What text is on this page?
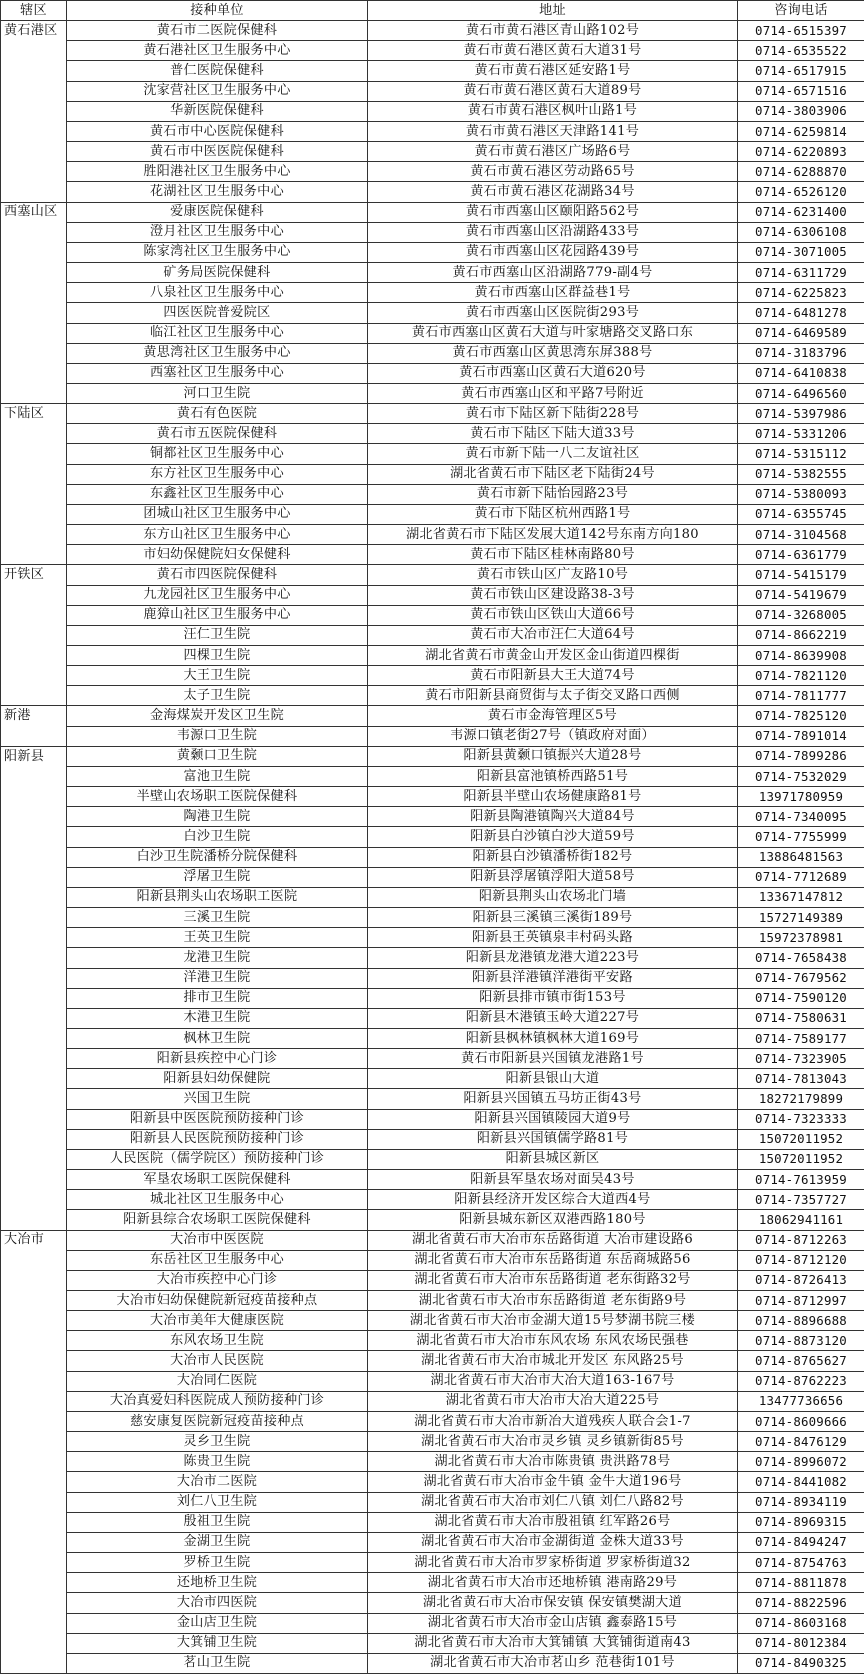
辖区	接种单位	地址	咨询电话
黄石港区	黄石市二医院保健科	黄石市黄石港区青山路102号	0714-6515397
	黄石港社区卫生服务中心	黄石市黄石港区黄石大道31号	0714-6535522
	普仁医院保健科	黄石市黄石港区延安路1号	0714-6517915
	沈家营社区卫生服务中心	黄石市黄石港区黄石大道89号	0714-6571516
	华新医院保健科	黄石市黄石港区枫叶山路1号	0714-3803906
	黄石市中心医院保健科	黄石市黄石港区天津路141号	0714-6259814
	黄石市中医医院保健科	黄石市黄石港区广场路6号	0714-6220893
	胜阳港社区卫生服务中心	黄石市黄石港区劳动路65号	0714-6288870
	花湖社区卫生服务中心	黄石市黄石港区花湖路34号	0714-6526120
西塞山区	爱康医院保健科	黄石市西塞山区颐阳路562号	0714-6231400
	澄月社区卫生服务中心	黄石市西塞山区沿湖路433号	0714-6306108
	陈家湾社区卫生服务中心	黄石市西塞山区花园路439号	0714-3071005
	矿务局医院保健科	黄石市西塞山区沿湖路779-副4号	0714-6311729
	八泉社区卫生服务中心	黄石市西塞山区群益巷1号	0714-6225823
	四医医院普爱院区	黄石市西塞山区医院街293号	0714-6481278
	临江社区卫生服务中心	黄石市西塞山区黄石大道与叶家塘路交叉路口东	0714-6469589
	黄思湾社区卫生服务中心	黄石市西塞山区黄思湾东屏388号	0714-3183796
	西塞社区卫生服务中心	黄石市西塞山区黄石大道620号	0714-6410838
	河口卫生院	黄石市西塞山区和平路7号附近	0714-6496560
下陆区	黄石有色医院	黄石市下陆区新下陆街228号	0714-5397986
	黄石市五医院保健科	黄石市下陆区下陆大道33号	0714-5331206
	铜都社区卫生服务中心	黄石市新下陆一八二友谊社区	0714-5315112
	东方社区卫生服务中心	湖北省黄石市下陆区老下陆街24号	0714-5382555
	东鑫社区卫生服务中心	黄石市新下陆怡园路23号	0714-5380093
	团城山社区卫生服务中心	黄石市下陆区杭州西路1号	0714-6355745
	东方山社区卫生服务中心	湖北省黄石市下陆区发展大道142号东南方向180	0714-3104568
	市妇幼保健院妇女保健科	黄石市下陆区桂林南路80号	0714-6361779
开铁区	黄石市四医院保健科	黄石市铁山区广友路10号	0714-5415179
	九龙园社区卫生服务中心	黄石市铁山区建设路38-3号	0714-5419679
	鹿獐山社区卫生服务中心	黄石市铁山区铁山大道66号	0714-3268005
	汪仁卫生院	黄石市大冶市汪仁大道64号	0714-8662219
	四棵卫生院	湖北省黄石市黄金山开发区金山街道四棵街	0714-8639908
	大王卫生院	黄石市阳新县大王大道74号	0714-7821120
	太子卫生院	黄石市阳新县商贸街与太子街交叉路口西侧	0714-7811777
新港	金海煤炭开发区卫生院	黄石市金海管理区5号	0714-7825120
	韦源口卫生院	韦源口镇老街27号（镇政府对面）	0714-7891014
阳新县	黄颡口卫生院	阳新县黄颡口镇振兴大道28号	0714-7899286
	富池卫生院	阳新县富池镇桥西路51号	0714-7532029
	半壁山农场职工医院保健科	阳新县半壁山农场健康路81号	13971780959
	陶港卫生院	阳新县陶港镇陶兴大道84号	0714-7340095
	白沙卫生院	阳新县白沙镇白沙大道59号	0714-7755999
	白沙卫生院潘桥分院保健科	阳新县白沙镇潘桥街182号	13886481563
	浮屠卫生院	阳新县浮屠镇浮阳大道58号	0714-7712689
	阳新县荆头山农场职工医院	阳新县荆头山农场北门墙	13367147812
	三溪卫生院	阳新县三溪镇三溪街189号	15727149389
	王英卫生院	阳新县王英镇泉丰村码头路	15972378981
	龙港卫生院	阳新县龙港镇龙港大道223号	0714-7658438
	洋港卫生院	阳新县洋港镇洋港街平安路	0714-7679562
	排市卫生院	阳新县排市镇市街153号	0714-7590120
	木港卫生院	阳新县木港镇玉岭大道227号	0714-7580631
	枫林卫生院	阳新县枫林镇枫林大道169号	0714-7589177
	阳新县疾控中心门诊	黄石市阳新县兴国镇龙港路1号	0714-7323905
	阳新县妇幼保健院	阳新县银山大道	0714-7813043
	兴国卫生院	阳新县兴国镇五马坊正街43号	18272179899
	阳新县中医医院预防接种门诊	阳新县兴国镇陵园大道9号	0714-7323333
	阳新县人民医院预防接种门诊	阳新县兴国镇儒学路81号	15072011952
	人民医院（儒学院区）预防接种门诊	阳新县城区新区	15072011952
	军垦农场职工医院保健科	阳新县军垦农场对面吴43号	0714-7613959
	城北社区卫生服务中心	阳新县经济开发区综合大道西4号	0714-7357727
	阳新县综合农场职工医院保健科	阳新县城东新区双港西路180号	18062941161
大冶市	大冶市中医医院	湖北省黄石市大冶市东岳路街道 大冶市建设路6	0714-8712263
	东岳社区卫生服务中心	湖北省黄石市大冶市东岳路街道 东岳商城路56	0714-8712120
	大冶市疾控中心门诊	湖北省黄石市大冶市东岳路街道 老东街路32号	0714-8726413
	大冶市妇幼保健院新冠疫苗接种点	湖北省黄石市大冶市东岳路街道 老东街路9号	0714-8712997
	大冶市美年大健康医院	湖北省黄石市大冶市金湖大道15号梦湖书院三楼	0714-8896688
	东风农场卫生院	湖北省黄石市大冶市东风农场 东风农场民强巷	0714-8873120
	大冶市人民医院	湖北省黄石市大冶市城北开发区 东风路25号	0714-8765627
	大冶同仁医院	湖北省黄石市大冶市大冶大道163-167号	0714-8762223
	大冶真爱妇科医院成人预防接种门诊	湖北省黄石市大冶市大冶大道225号	13477736656
	慈安康复医院新冠疫苗接种点	湖北省黄石市大冶市新冶大道残疾人联合会1-7	0714-8609666
	灵乡卫生院	湖北省黄石市大冶市灵乡镇 灵乡镇新街85号	0714-8476129
	陈贵卫生院	湖北省黄石市大冶市陈贵镇 贵洪路78号	0714-8996072
	大冶市二医院	湖北省黄石市大冶市金牛镇 金牛大道196号	0714-8441082
	刘仁八卫生院	湖北省黄石市大冶市刘仁八镇 刘仁八路82号	0714-8934119
	殷祖卫生院	湖北省黄石市大冶市殷祖镇 红军路26号	0714-8969315
	金湖卫生院	湖北省黄石市大冶市金湖街道 金株大道33号	0714-8494247
	罗桥卫生院	湖北省黄石市大冶市罗家桥街道 罗家桥街道32	0714-8754763
	还地桥卫生院	湖北省黄石市大冶市还地桥镇 港南路29号	0714-8811878
	大冶市四医院	湖北省黄石市大冶市保安镇 保安镇樊湖大道	0714-8822596
	金山店卫生院	湖北省黄石市大冶市金山店镇 鑫泰路15号	0714-8603168
	大箕铺卫生院	湖北省黄石市大冶市大箕铺镇 大箕铺街道南43	0714-8012384
	茗山卫生院	湖北省黄石市大冶市茗山乡 范巷街101号	0714-8490325
